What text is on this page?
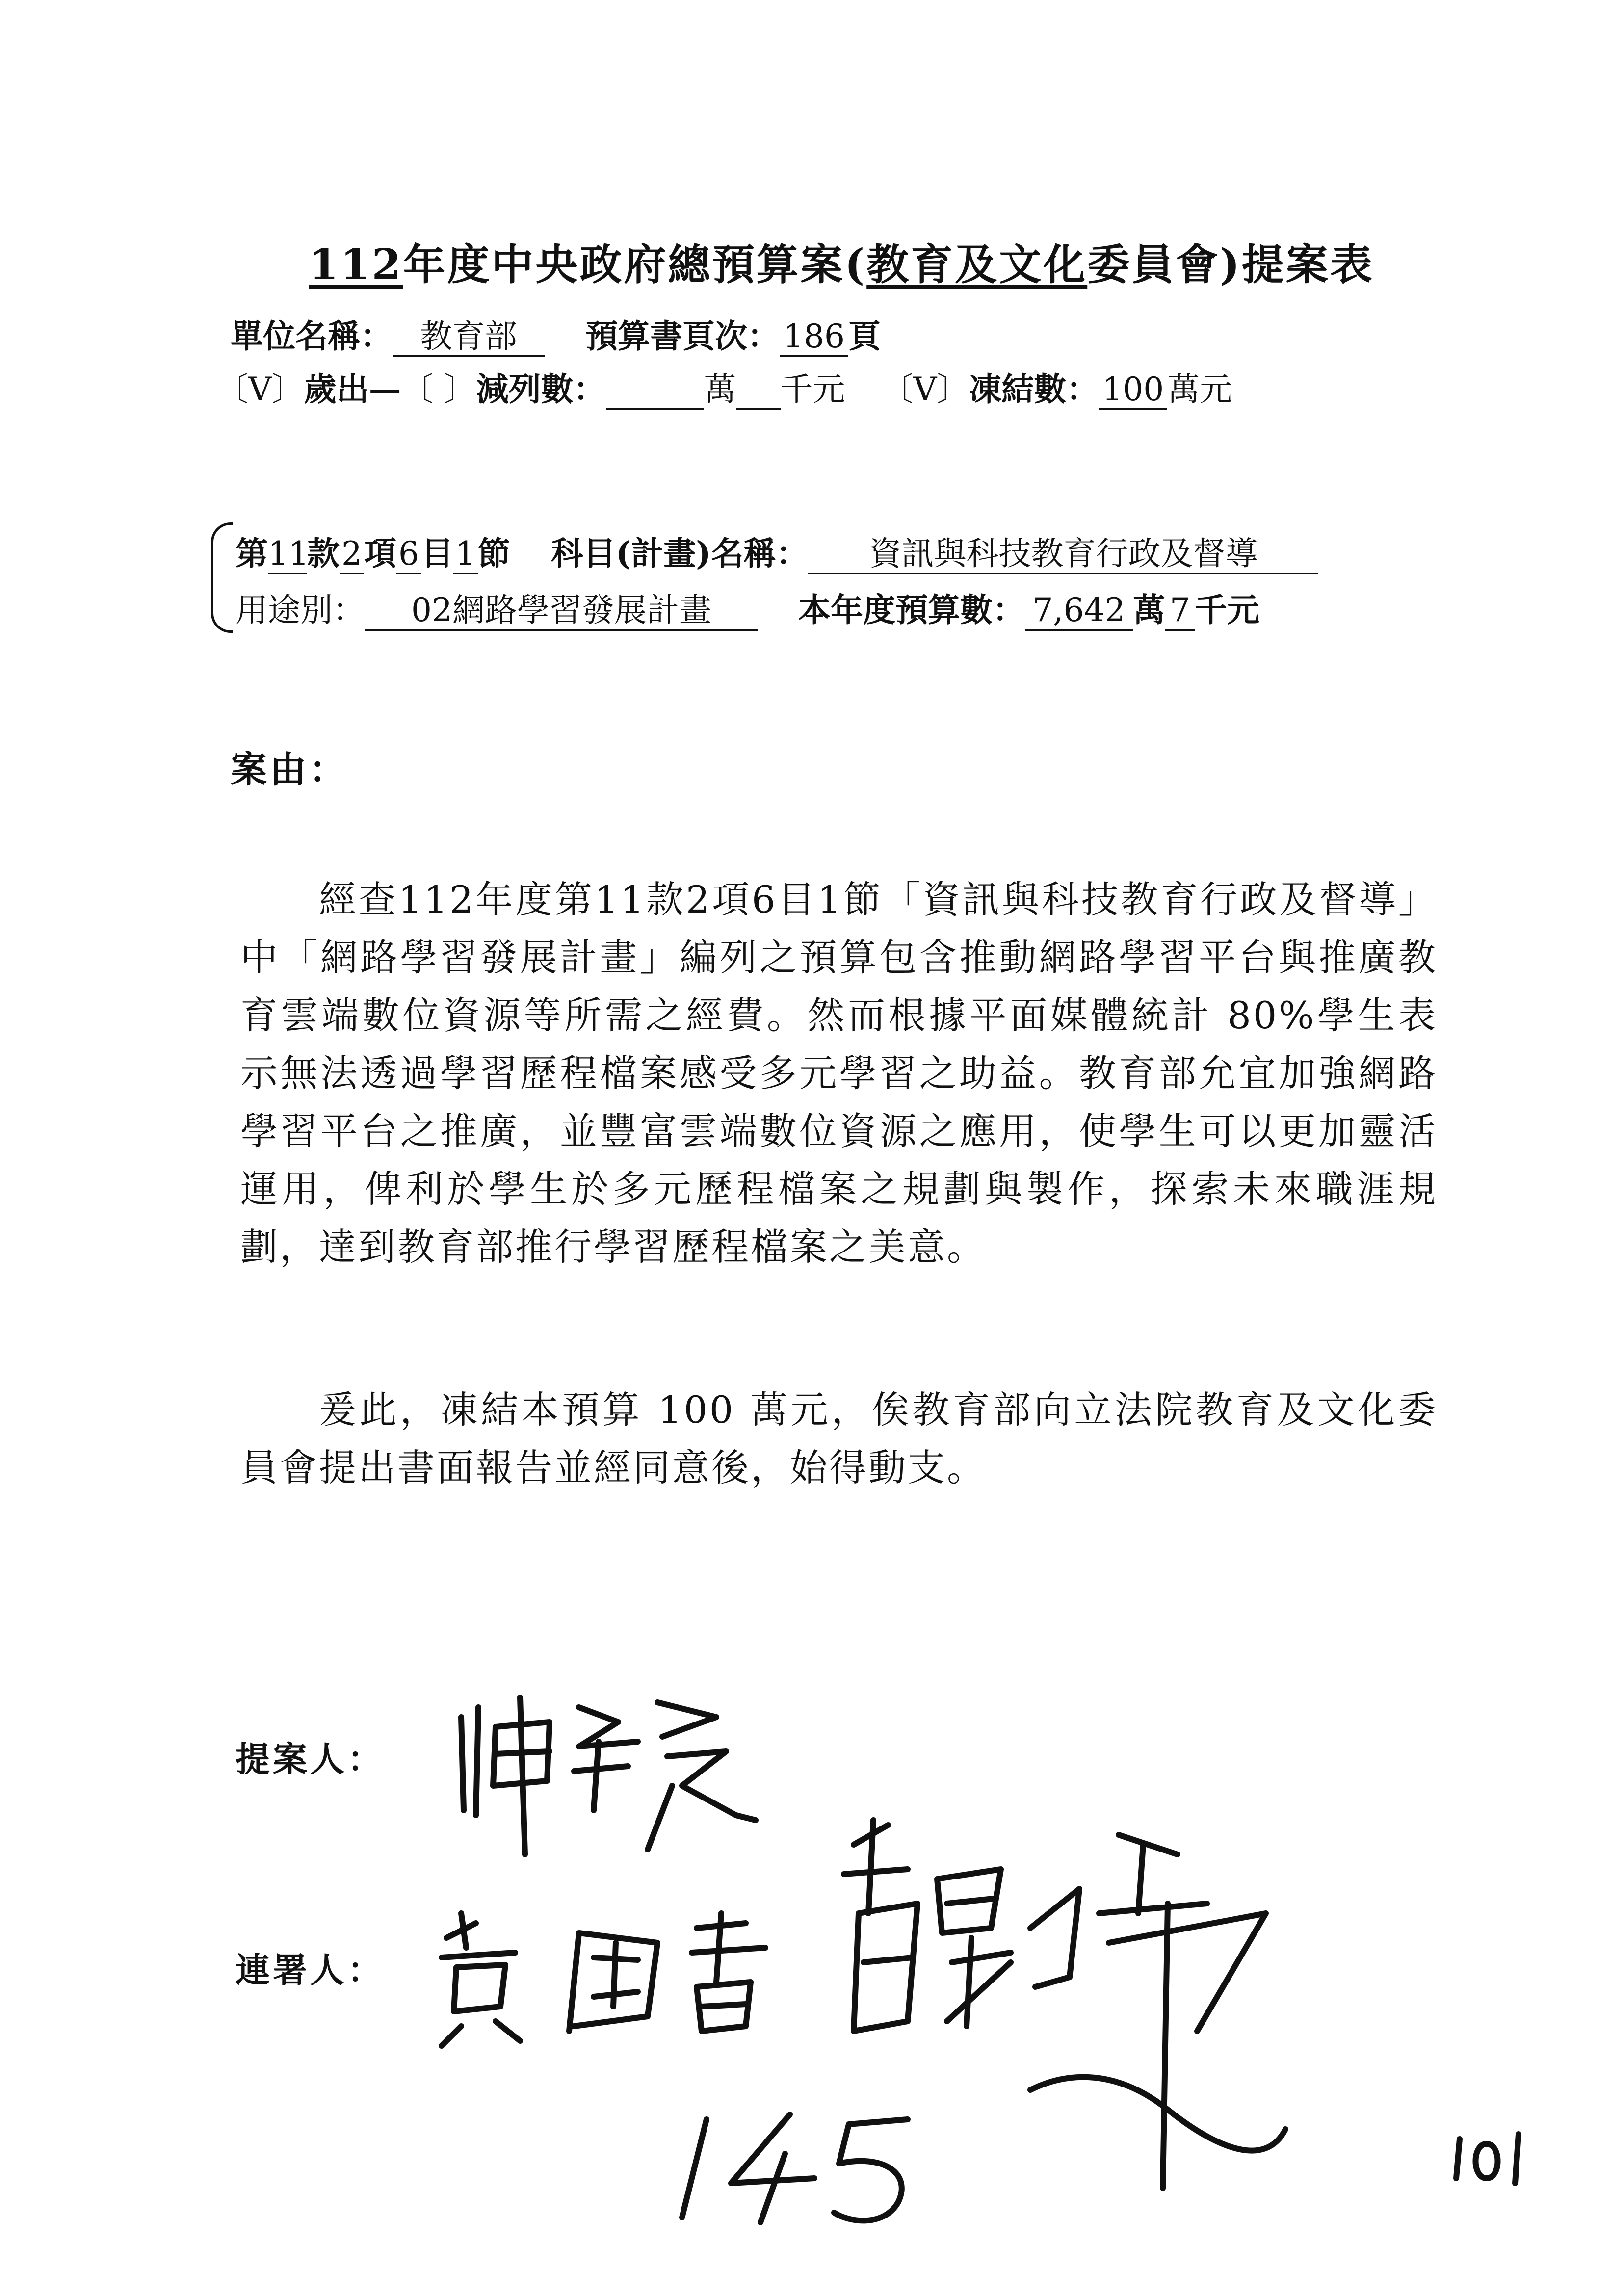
112年度中央政府總預算案(教育及文化委員會)提案表
單位名稱： 教育部 預算書頁次： 186 頁
〔V〕歲出—〔 〕減列數：	萬 千元 〔V〕凍結數： 100 萬元
第11款2項6目1節 科目(計畫)名稱： 資訊與科技教育行政及督導
用途別： 02網路學習發展計畫	本年度預算數： 7,642 萬 7 千元
案由：
經查112年度第11款2項6目1節「資訊與科技教育行政及督導」中「網路學習發展計畫」編列之預算包含推動網路學習平台與推廣教育雲端數位資源等所需之經費。然而根據平面媒體統計 80%學生表示無法透過學習歷程檔案感受多元學習之助益。教育部允宜加強網路學習平台之推廣，並豐富雲端數位資源之應用，使學生可以更加靈活運用，俾利於學生於多元歷程檔案之規劃與製作，探索未來職涯規劃，達到教育部推行學習歷程檔案之美意。
爰此，凍結本預算 100 萬元，俟教育部向立法院教育及文化委員會提出書面報告並經同意後，始得動支。
提案人：
連署人：
